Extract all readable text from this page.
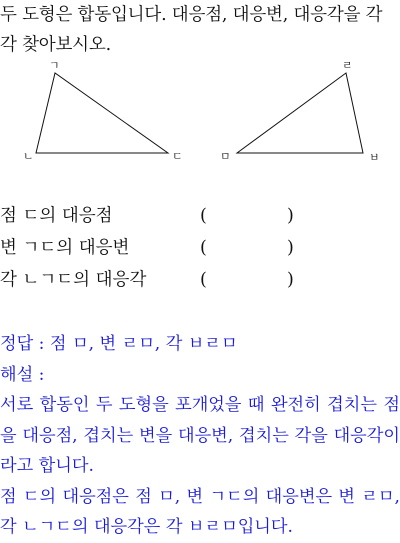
두 도형은 합동입니다. 대응점, 대응변, 대응각을 각
각 찾아보시오.
ㄱ
ㄴ	ㄷ
ㄹ
ㅁ	ㅂ
점 ㄷ의 대응점	(	)
변 ㄱㄷ의 대응변	(	)
각 ㄴㄱㄷ의 대응각	(	)
정답 : 점 ㅁ, 변 ㄹㅁ, 각 ㅂㄹㅁ
해설 :
서로 합동인 두 도형을 포개었을 때 완전히 겹치는 점
을 대응점, 겹치는 변을 대응변, 겹치는 각을 대응각이
라고 합니다.
점 ㄷ의 대응점은 점 ㅁ, 변 ㄱㄷ의 대응변은 변 ㄹㅁ,
각 ㄴㄱㄷ의 대응각은 각 ㅂㄹㅁ입니다.
